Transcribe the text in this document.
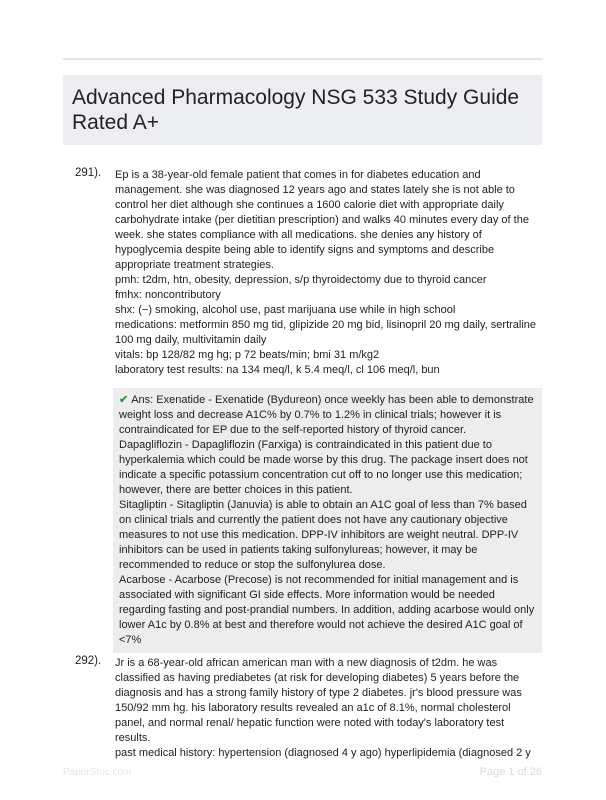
Advanced Pharmacology NSG 533 Study Guide Rated A+
291). Ep is a 38-year-old female patient that comes in for diabetes education and management. she was diagnosed 12 years ago and states lately she is not able to control her diet although she continues a 1600 calorie diet with appropriate daily carbohydrate intake (per dietitian prescription) and walks 40 minutes every day of the week. she states compliance with all medications. she denies any history of hypoglycemia despite being able to identify signs and symptoms and describe appropriate treatment strategies.

pmh: t2dm, htn, obesity, depression, s/p thyroidectomy due to thyroid cancer

fmhx: noncontributory

shx: (−) smoking, alcohol use, past marijuana use while in high school

medications: metformin 850 mg tid, glipizide 20 mg bid, lisinopril 20 mg daily, sertraline 100 mg daily, multivitamin daily

vitals: bp 128/82 mg hg; p 72 beats/min; bmi 31 m/kg2

laboratory test results: na 134 meq/l, k 5.4 meq/l, cl 106 meq/l, bun

✔ Ans: Exenatide - Exenatide (Bydureon) once weekly has been able to demonstrate weight loss and decrease A1C% by 0.7% to 1.2% in clinical trials; however it is contraindicated for EP due to the self-reported history of thyroid cancer.

Dapagliflozin - Dapagliflozin (Farxiga) is contraindicated in this patient due to hyperkalemia which could be made worse by this drug. The package insert does not indicate a specific potassium concentration cut off to no longer use this medication; however, there are better choices in this patient.

Sitagliptin - Sitagliptin (Januvia) is able to obtain an A1C goal of less than 7% based on clinical trials and currently the patient does not have any cautionary objective measures to not use this medication. DPP-IV inhibitors are weight neutral. DPP-IV inhibitors can be used in patients taking sulfonylureas; however, it may be recommended to reduce or stop the sulfonylurea dose.

Acarbose - Acarbose (Precose) is not recommended for initial management and is associated with significant GI side effects. More information would be needed regarding fasting and post-prandial numbers. In addition, adding acarbose would only lower A1c by 0.8% at best and therefore would not achieve the desired A1C goal of <7%

292). Jr is a 68-year-old african american man with a new diagnosis of t2dm. he was classified as having prediabetes (at risk for developing diabetes) 5 years before the diagnosis and has a strong family history of type 2 diabetes. jr's blood pressure was 150/92 mm hg. his laboratory results revealed an a1c of 8.1%, normal cholesterol panel, and normal renal/ hepatic function were noted with today's laboratory test results.

past medical history: hypertension (diagnosed 4 y ago) hyperlipidemia (diagnosed 2 y

PaperStoc.com	Page 1 of 26
